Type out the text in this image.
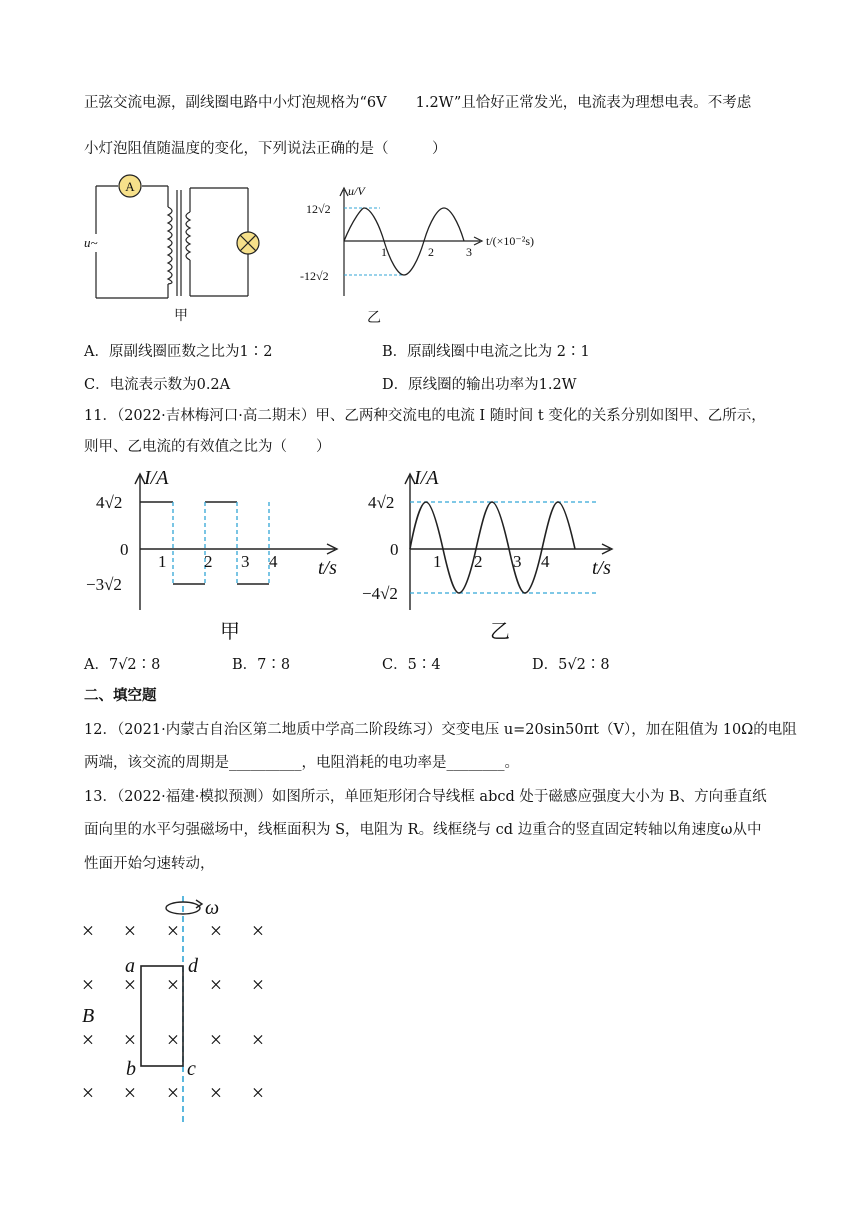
正弦交流电源，副线圈电路中小灯泡规格为“6V　　1.2W”且恰好正常发光，电流表为理想电表。不考虑
小灯泡阻值随温度的变化，下列说法正确的是（　　　）
A
u~
甲
u/V
12√2
-12√2
1	2	3
t/(×10⁻²s)
乙
A．原副线圈匝数之比为1∶2	B．原副线圈中电流之比为 2∶1
C．电流表示数为0.2A	D．原线圈的输出功率为1.2W
11．（2022·吉林梅河口·高二期末）甲、乙两种交流电的电流 I 随时间 t 变化的关系分别如图甲、乙所示，
则甲、乙电流的有效值之比为（　　）
I/A
4√2
0
−3√2
1 2 3 4 t/s
甲
I/A
4√2
0
−4√2
1 2 3 4 t/s
乙
A．7√2∶8	B．7∶8	C．5∶4	D．5√2∶8
二、填空题
12．（2021·内蒙古自治区第二地质中学高二阶段练习）交变电压 u=20sin50πt（V），加在阻值为 10Ω的电阻
两端，该交流的周期是__________，电阻消耗的电功率是________。
13．（2022·福建·模拟预测）如图所示，单匝矩形闭合导线框 abcd 处于磁感应强度大小为 B、方向垂直纸
面向里的水平匀强磁场中，线框面积为 S，电阻为 R。线框绕与 cd 边重合的竖直固定转轴以角速度ω从中
性面开始匀速转动，
ω
× × × × ×
× × × × ×
× × × × ×
× × × × ×
a	d
b	c
B
